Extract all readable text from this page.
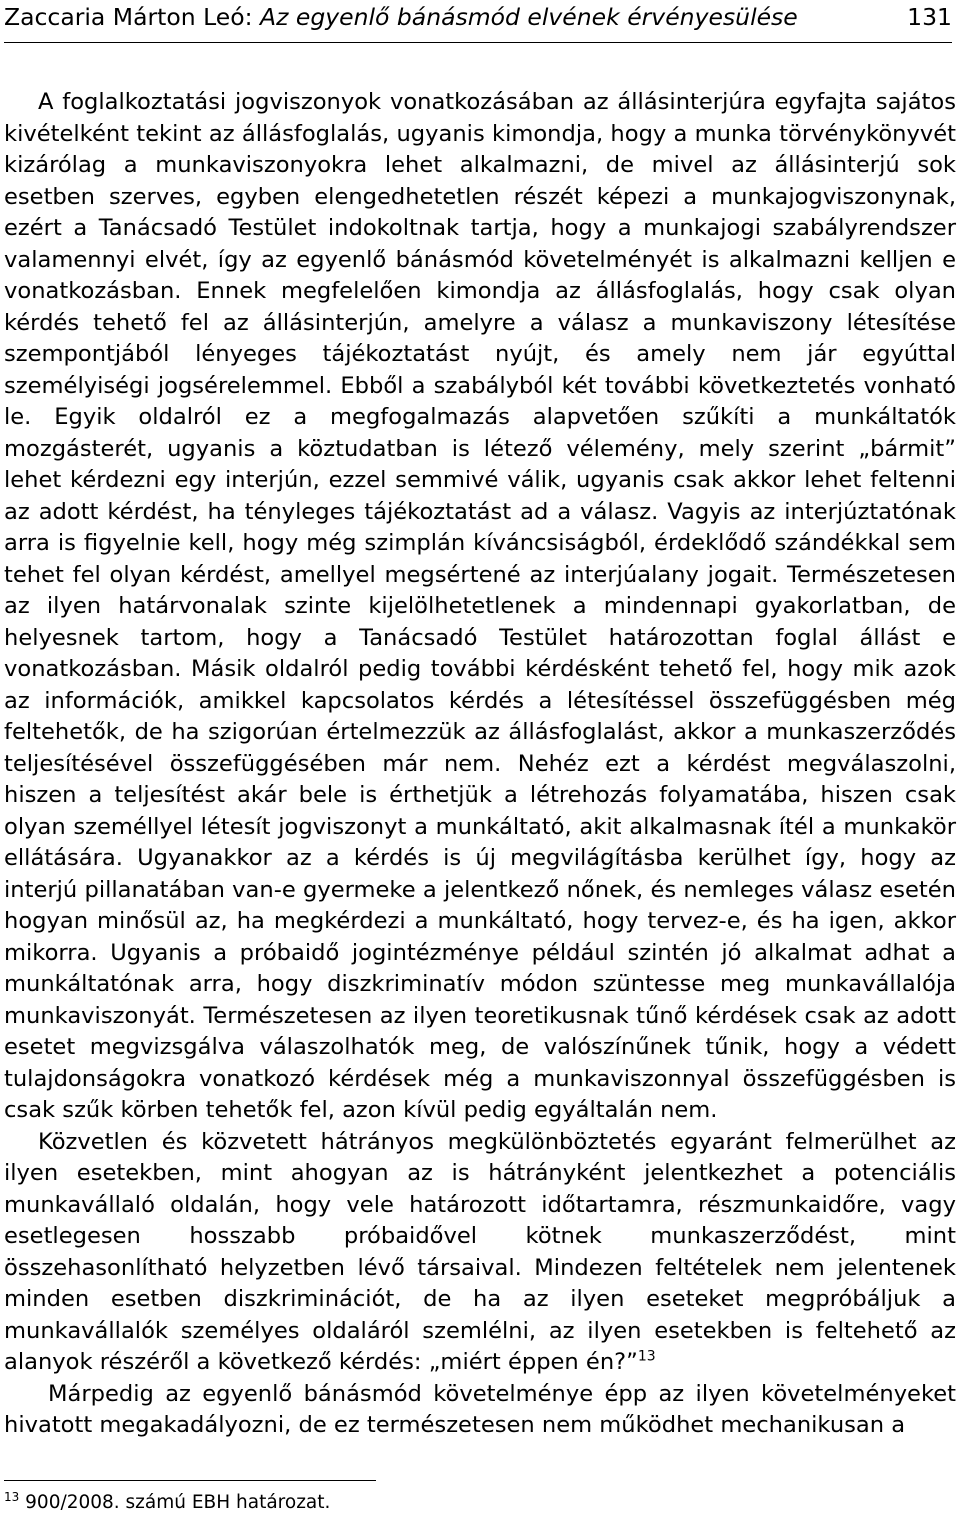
Zaccaria Márton Leó: Az egyenlő bánásmód elvének érvényesülése	131

A foglalkoztatási jogviszonyok vonatkozásában az állásinterjúra egyfajta sajátos kivételként tekint az állásfoglalás, ugyanis kimondja, hogy a munka törvénykönyvét kizárólag a munkaviszonyokra lehet alkalmazni, de mivel az állásinterjú sok esetben szerves, egyben elengedhetetlen részét képezi a munkajogviszonynak, ezért a Tanácsadó Testület indokoltnak tartja, hogy a munkajogi szabályrendszer valamennyi elvét, így az egyenlő bánásmód követelményét is alkalmazni kelljen e vonatkozásban. Ennek megfelelően kimondja az állásfoglalás, hogy csak olyan kérdés tehető fel az állásinterjún, amelyre a válasz a munkaviszony létesítése szempontjából lényeges tájékoztatást nyújt, és amely nem jár egyúttal személyiségi jogsérelemmel. Ebből a szabályból két további következtetés vonható le. Egyik oldalról ez a megfogalmazás alapvetően szűkíti a munkáltatók mozgásterét, ugyanis a köztudatban is létező vélemény, mely szerint „bármit” lehet kérdezni egy interjún, ezzel semmivé válik, ugyanis csak akkor lehet feltenni az adott kérdést, ha tényleges tájékoztatást ad a válasz. Vagyis az interjúztatónak arra is figyelnie kell, hogy még szimplán kíváncsiságból, érdeklődő szándékkal sem tehet fel olyan kérdést, amellyel megsértené az interjúalany jogait. Természetesen az ilyen határvonalak szinte kijelölhetetlenek a mindennapi gyakorlatban, de helyesnek tartom, hogy a Tanácsadó Testület határozottan foglal állást e vonatkozásban. Másik oldalról pedig további kérdésként tehető fel, hogy mik azok az információk, amikkel kapcsolatos kérdés a létesítéssel összefüggésben még feltehetők, de ha szigorúan értelmezzük az állásfoglalást, akkor a munkaszerződés teljesítésével összefüggésében már nem. Nehéz ezt a kérdést megválaszolni, hiszen a teljesítést akár bele is érthetjük a létrehozás folyamatába, hiszen csak olyan személlyel létesít jogviszonyt a munkáltató, akit alkalmasnak ítél a munkakör ellátására. Ugyanakkor az a kérdés is új megvilágításba kerülhet így, hogy az interjú pillanatában van-e gyermeke a jelentkező nőnek, és nemleges válasz esetén hogyan minősül az, ha megkérdezi a munkáltató, hogy tervez-e, és ha igen, akkor mikorra. Ugyanis a próbaidő jogintézménye például szintén jó alkalmat adhat a munkáltatónak arra, hogy diszkriminatív módon szüntesse meg munkavállalója munkaviszonyát. Természetesen az ilyen teoretikusnak tűnő kérdések csak az adott esetet megvizsgálva válaszolhatók meg, de valószínűnek tűnik, hogy a védett tulajdonságokra vonatkozó kérdések még a munkaviszonnyal összefüggésben is csak szűk körben tehetők fel, azon kívül pedig egyáltalán nem.

Közvetlen és közvetett hátrányos megkülönböztetés egyaránt felmerülhet az ilyen esetekben, mint ahogyan az is hátrányként jelentkezhet a potenciális munkavállaló oldalán, hogy vele határozott időtartamra, részmunkaidőre, vagy esetlegesen hosszabb próbaidővel kötnek munkaszerződést, mint összehasonlítható helyzetben lévő társaival. Mindezen feltételek nem jelentenek minden esetben diszkriminációt, de ha az ilyen eseteket megpróbáljuk a munkavállalók személyes oldaláról szemlélni, az ilyen esetekben is feltehető az alanyok részéről a következő kérdés: „miért éppen én?”$^{13}$

Márpedig az egyenlő bánásmód követelménye épp az ilyen követelményeket hivatott megakadályozni, de ez természetesen nem működhet mechanikusan a

$^{13}$ 900/2008. számú EBH határozat.
